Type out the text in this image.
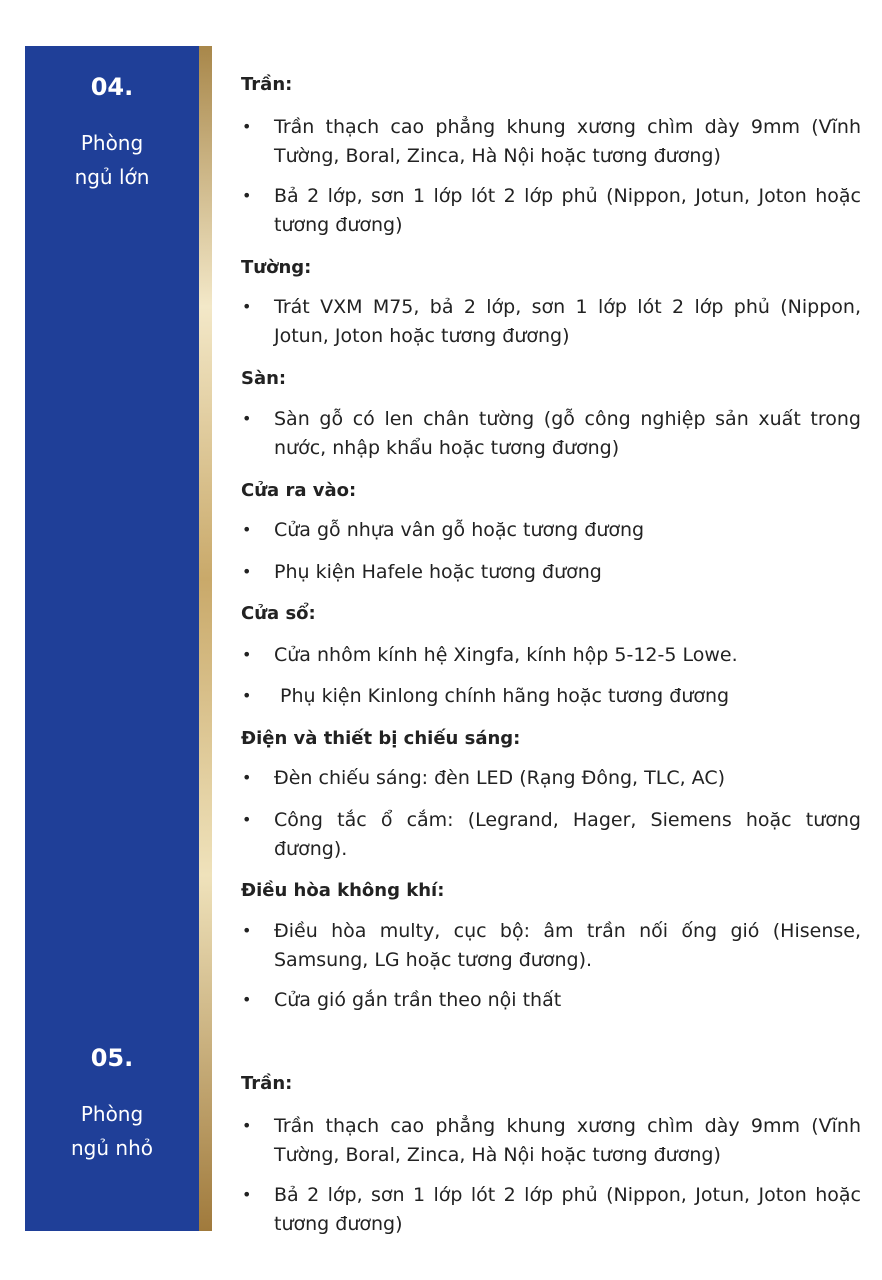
04.
Phòng
ngủ lớn
05.
Phòng
ngủ nhỏ
Trần:
• Trần thạch cao phẳng khung xương chìm dày 9mm (Vĩnh Tường, Boral, Zinca, Hà Nội hoặc tương đương)
• Bả 2 lớp, sơn 1 lớp lót 2 lớp phủ (Nippon, Jotun, Joton hoặc tương đương)
Tường:
• Trát VXM M75, bả 2 lớp, sơn 1 lớp lót 2 lớp phủ (Nippon, Jotun, Joton hoặc tương đương)
Sàn:
• Sàn gỗ có len chân tường (gỗ công nghiệp sản xuất trong nước, nhập khẩu hoặc tương đương)
Cửa ra vào:
• Cửa gỗ nhựa vân gỗ hoặc tương đương
• Phụ kiện Hafele hoặc tương đương
Cửa sổ:
• Cửa nhôm kính hệ Xingfa, kính hộp 5-12-5 Lowe.
• Phụ kiện Kinlong chính hãng hoặc tương đương
Điện và thiết bị chiếu sáng:
• Đèn chiếu sáng: đèn LED (Rạng Đông, TLC, AC)
• Công tắc ổ cắm: (Legrand, Hager, Siemens hoặc tương đương).
Điều hòa không khí:
• Điều hòa multy, cục bộ: âm trần nối ống gió (Hisense, Samsung, LG hoặc tương đương).
• Cửa gió gắn trần theo nội thất
Trần:
• Trần thạch cao phẳng khung xương chìm dày 9mm (Vĩnh Tường, Boral, Zinca, Hà Nội hoặc tương đương)
• Bả 2 lớp, sơn 1 lớp lót 2 lớp phủ (Nippon, Jotun, Joton hoặc tương đương)
